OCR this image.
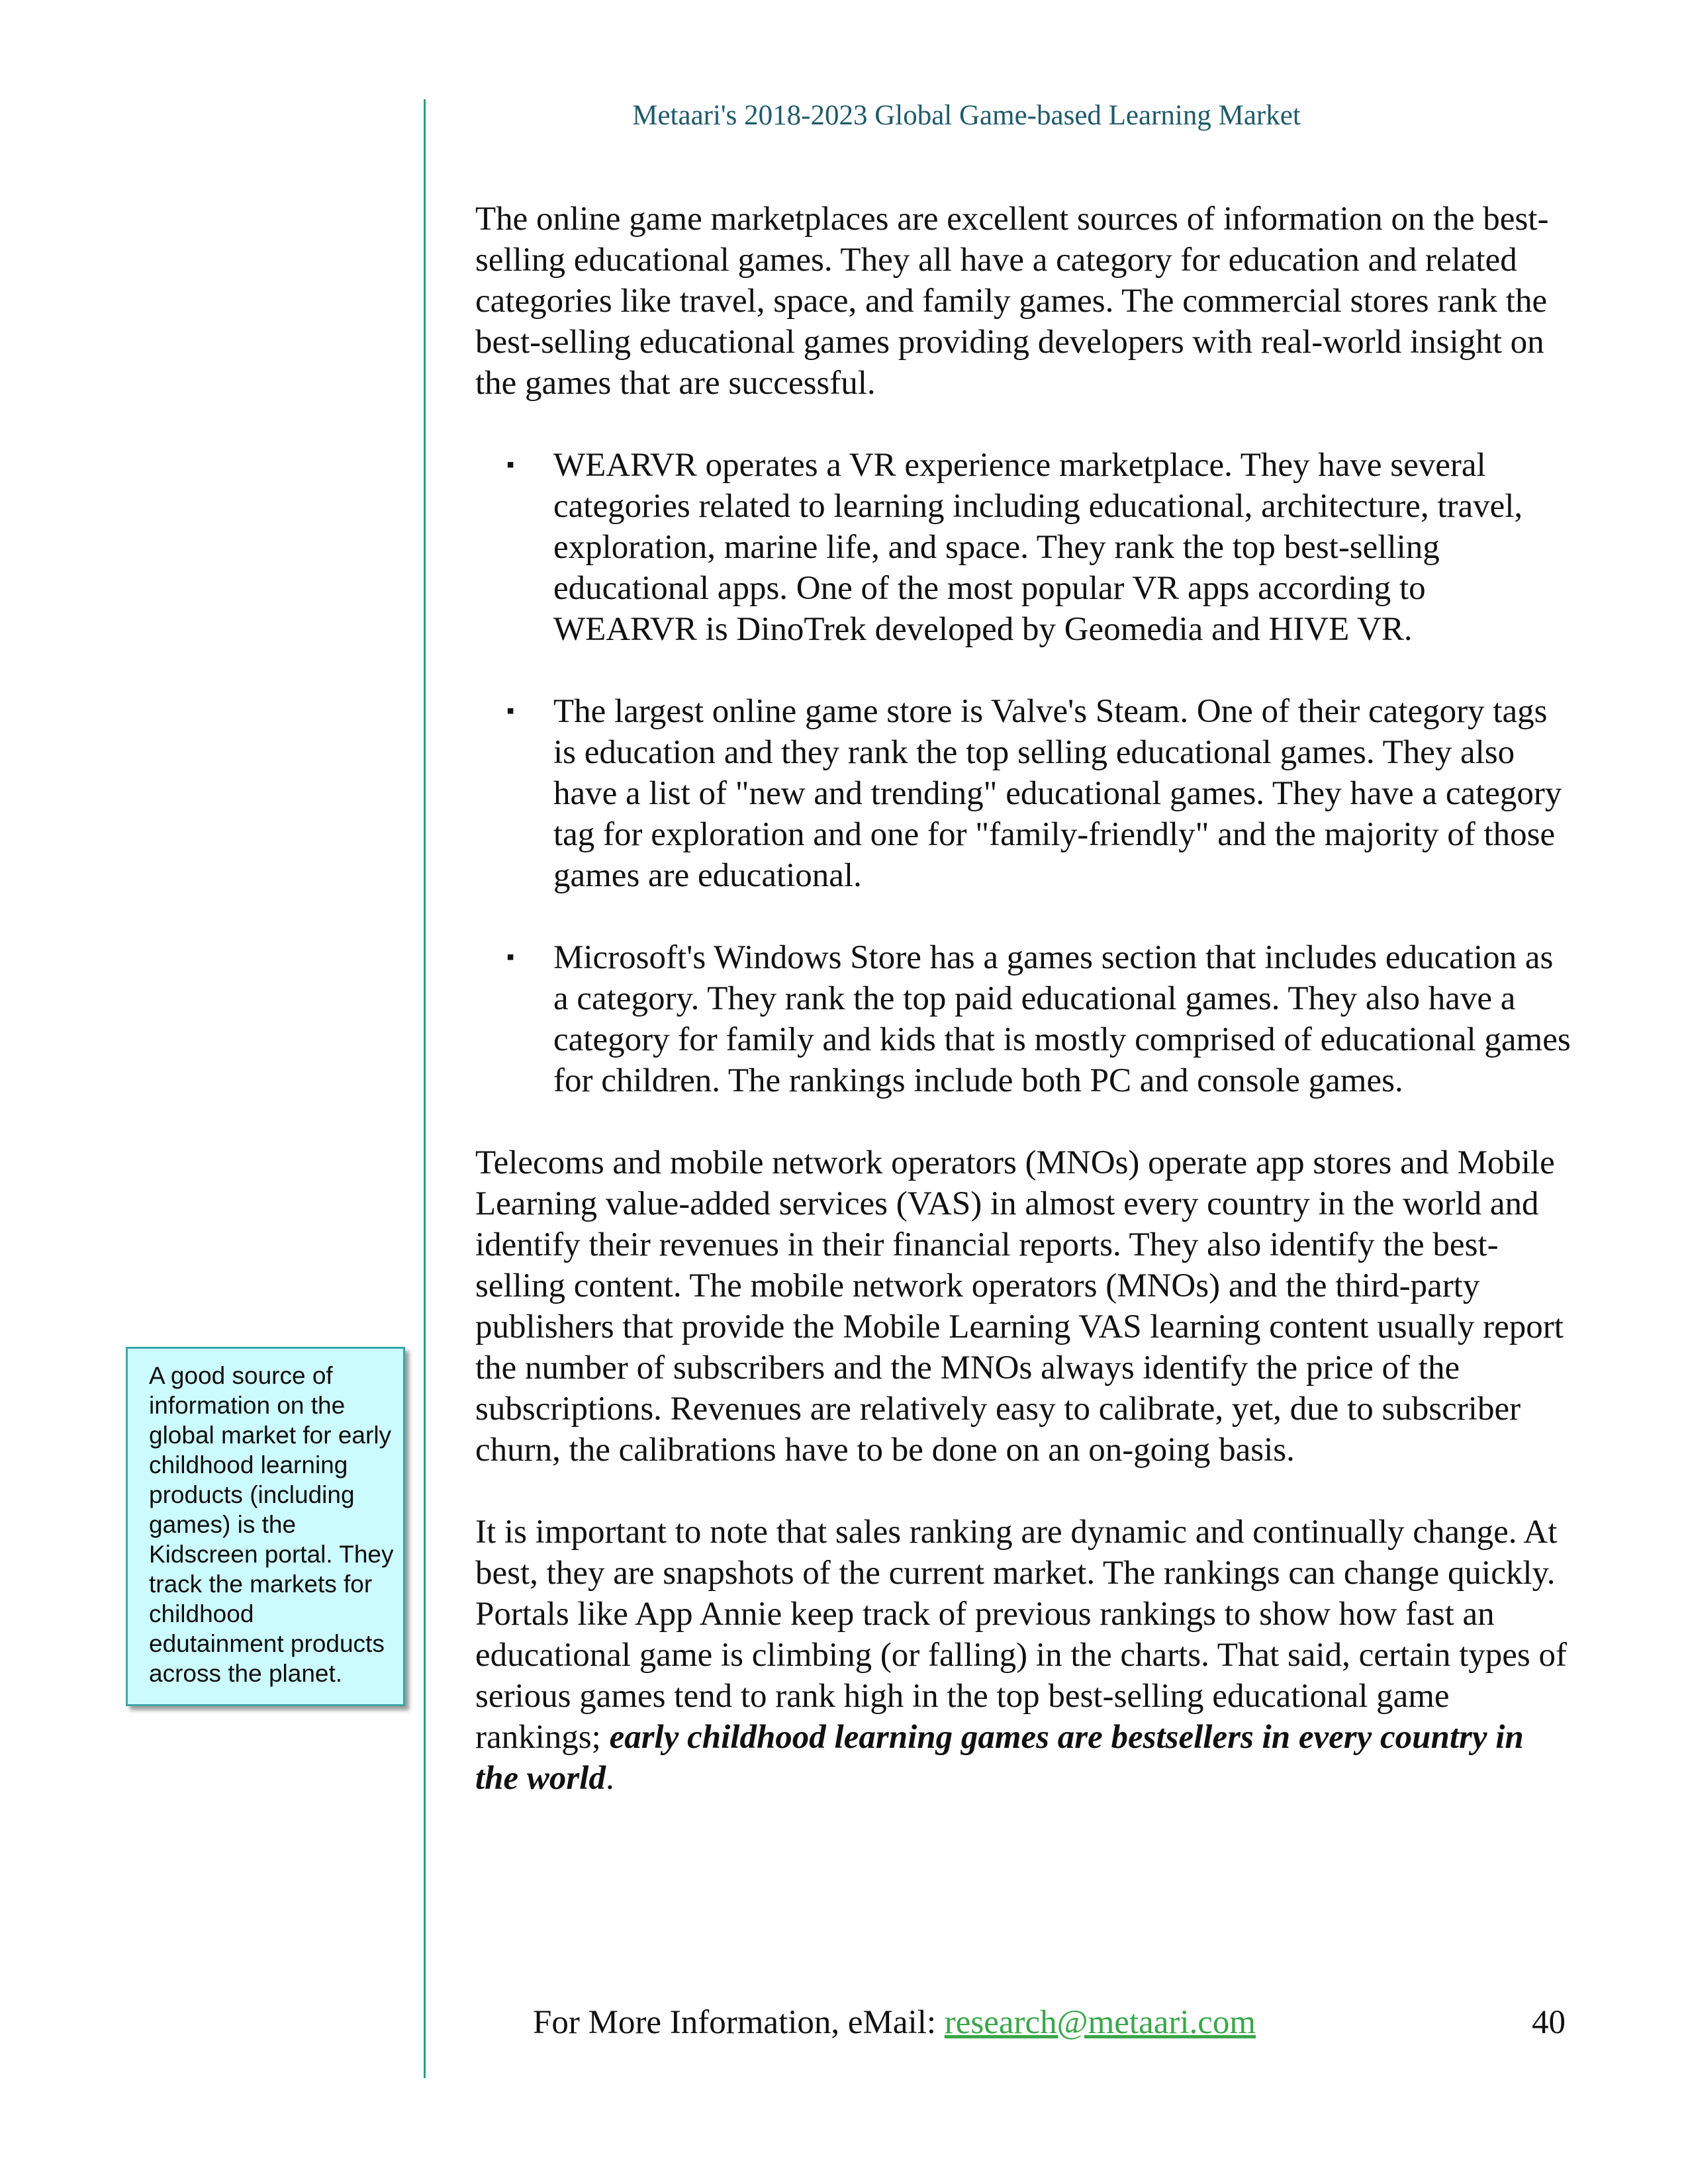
Metaari's 2018-2023 Global Game-based Learning Market

The online game marketplaces are excellent sources of information on the best-selling educational games. They all have a category for education and related categories like travel, space, and family games. The commercial stores rank the best-selling educational games providing developers with real-world insight on the games that are successful.

▪ WEARVR operates a VR experience marketplace. They have several categories related to learning including educational, architecture, travel, exploration, marine life, and space. They rank the top best-selling educational apps. One of the most popular VR apps according to WEARVR is DinoTrek developed by Geomedia and HIVE VR.
▪ The largest online game store is Valve's Steam. One of their category tags is education and they rank the top selling educational games. They also have a list of "new and trending" educational games. They have a category tag for exploration and one for "family-friendly" and the majority of those games are educational.
▪ Microsoft's Windows Store has a games section that includes education as a category. They rank the top paid educational games. They also have a category for family and kids that is mostly comprised of educational games for children. The rankings include both PC and console games.

Telecoms and mobile network operators (MNOs) operate app stores and Mobile Learning value-added services (VAS) in almost every country in the world and identify their revenues in their financial reports. They also identify the best-selling content. The mobile network operators (MNOs) and the third-party publishers that provide the Mobile Learning VAS learning content usually report the number of subscribers and the MNOs always identify the price of the subscriptions. Revenues are relatively easy to calibrate, yet, due to subscriber churn, the calibrations have to be done on an on-going basis.

It is important to note that sales ranking are dynamic and continually change. At best, they are snapshots of the current market. The rankings can change quickly. Portals like App Annie keep track of previous rankings to show how fast an educational game is climbing (or falling) in the charts. That said, certain types of serious games tend to rank high in the top best-selling educational game rankings; early childhood learning games are bestsellers in every country in the world.

A good source of information on the global market for early childhood learning products (including games) is the Kidscreen portal. They track the markets for childhood edutainment products across the planet.
For More Information, eMail: research@metaari.com	40
